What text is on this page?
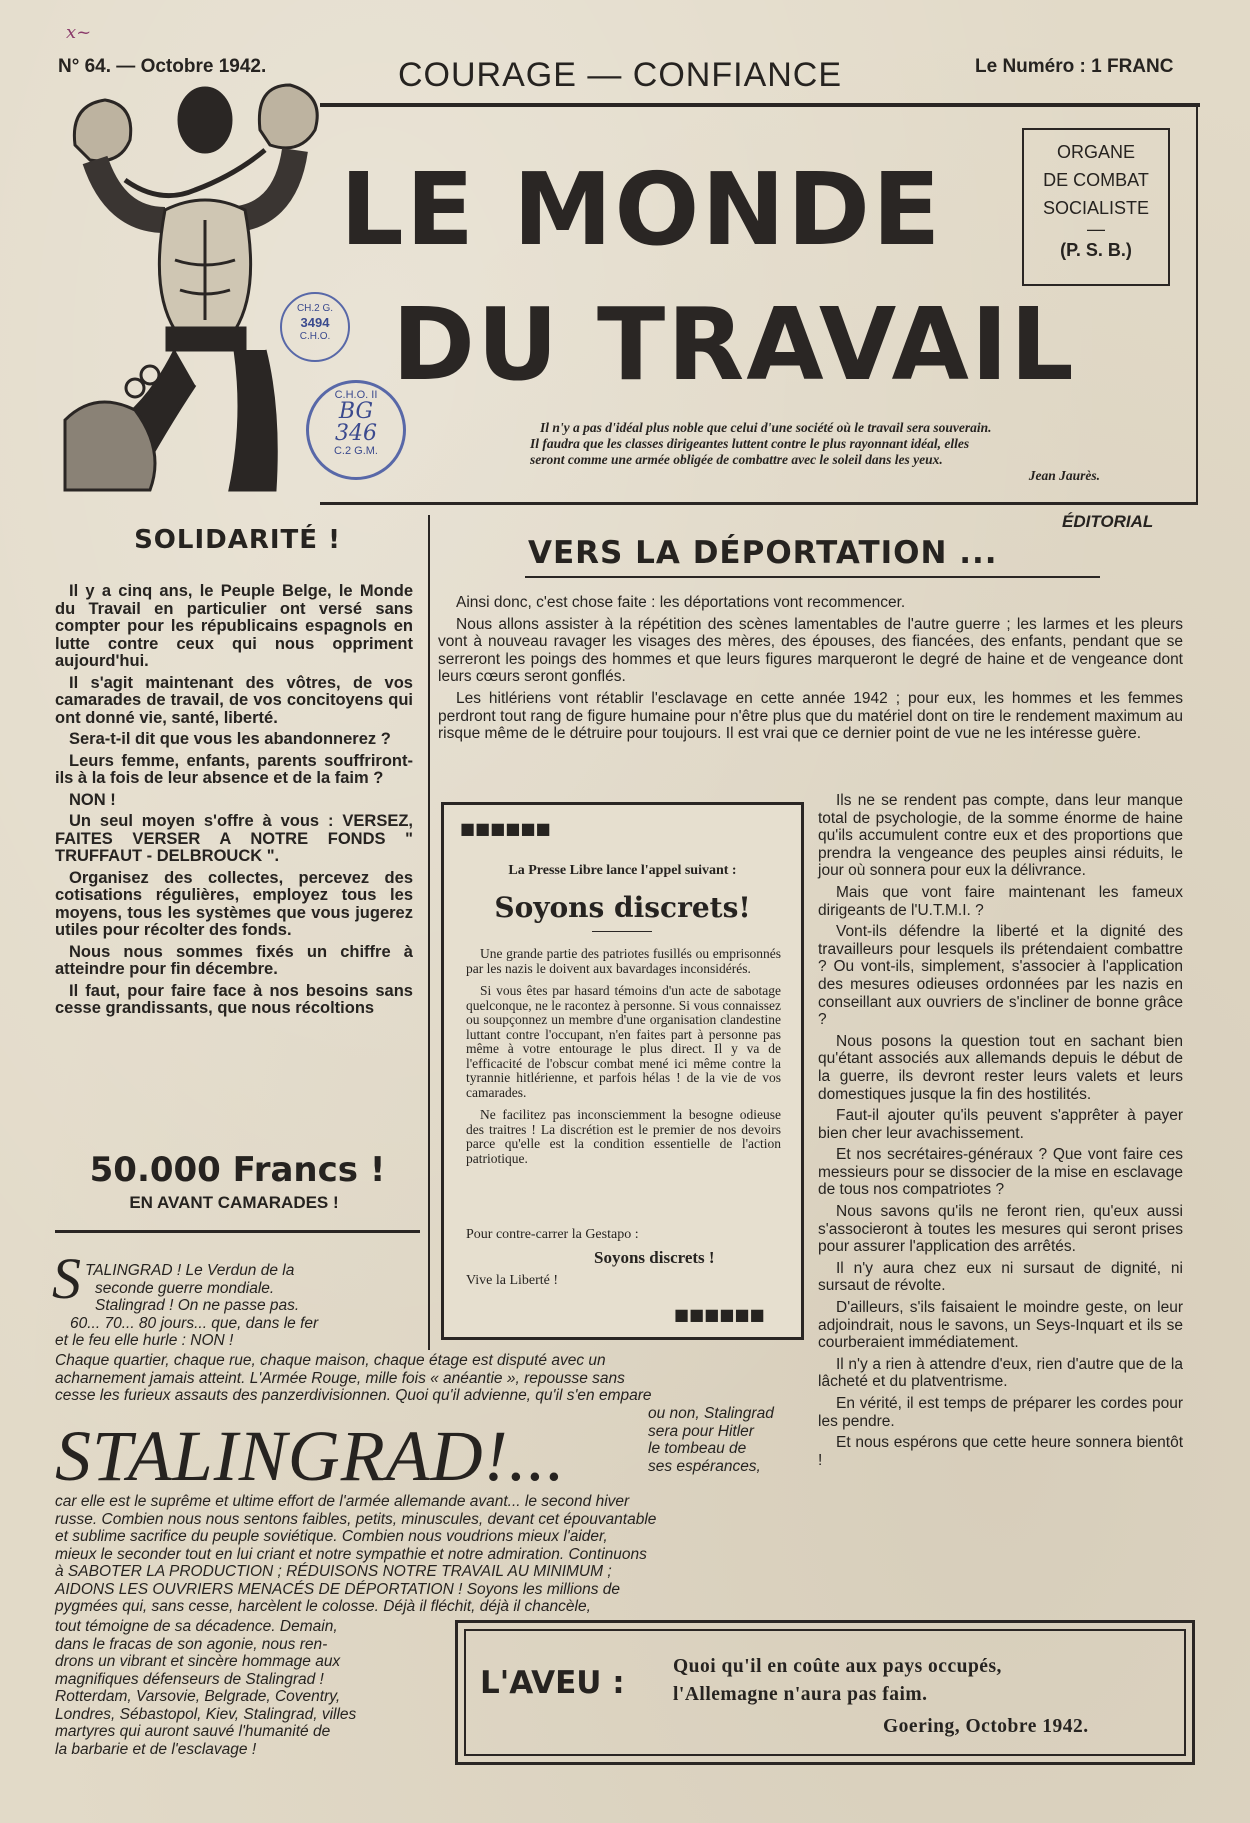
x~
N° 64. — Octobre 1942.	COURAGE — CONFIANCE	Le Numéro : 1 FRANC
LE MONDE
DU TRAVAIL
ORGANE
DE COMBAT
SOCIALISTE
—
(P. S. B.)
CH.2 G.
3494
C.H.O.
C.H.O. II
BG
346
C.2 G.M.
Il n'y a pas d'idéal plus noble que celui d'une société où le travail sera souverain.
Il faudra que les classes dirigeantes luttent contre le plus rayonnant idéal, elles
seront comme une armée obligée de combattre avec le soleil dans les yeux.
Jean Jaurès.
SOLIDARITÉ !

Il y a cinq ans, le Peuple Belge, le Monde du Travail en particulier ont versé sans compter pour les républicains espagnols en lutte contre ceux qui nous oppriment aujourd'hui.

Il s'agit maintenant des vôtres, de vos camarades de travail, de vos concitoyens qui ont donné vie, santé, liberté.

Sera-t-il dit que vous les abandonnerez ?

Leurs femme, enfants, parents souffriront-ils à la fois de leur absence et de la faim ?

NON !

Un seul moyen s'offre à vous : VERSEZ, FAITES VERSER A NOTRE FONDS " TRUFFAUT - DELBROUCK ".

Organisez des collectes, percevez des cotisations régulières, employez tous les moyens, tous les systèmes que vous jugerez utiles pour récolter des fonds.

Nous nous sommes fixés un chiffre à atteindre pour fin décembre.

Il faut, pour faire face à nos besoins sans cesse grandissants, que nous récoltions

50.000 Francs !

EN AVANT CAMARADES !

S TALINGRAD ! Le Verdun de la
seconde guerre mondiale.
Stalingrad ! On ne passe pas.
60... 70... 80 jours... que, dans le fer
et le feu elle hurle : NON !
Chaque quartier, chaque rue, chaque maison, chaque étage est disputé avec un
acharnement jamais atteint. L'Armée Rouge, mille fois « anéantie », repousse sans
cesse les furieux assauts des panzerdivisionnen. Quoi qu'il advienne, qu'il s'en empare
STALINGRAD!...
ou non, Stalingrad
sera pour Hitler
le tombeau de
ses espérances,
car elle est le suprême et ultime effort de l'armée allemande avant... le second hiver
russe. Combien nous nous sentons faibles, petits, minuscules, devant cet épouvantable
et sublime sacrifice du peuple soviétique. Combien nous voudrions mieux l'aider,
mieux le seconder tout en lui criant et notre sympathie et notre admiration. Continuons
à SABOTER LA PRODUCTION ; RÉDUISONS NOTRE TRAVAIL AU MINIMUM ;
AIDONS LES OUVRIERS MENACÉS DE DÉPORTATION ! Soyons les millions de
pygmées qui, sans cesse, harcèlent le colosse. Déjà il fléchit, déjà il chancèle,
tout témoigne de sa décadence. Demain,
dans le fracas de son agonie, nous ren-
drons un vibrant et sincère hommage aux
magnifiques défenseurs de Stalingrad !
Rotterdam, Varsovie, Belgrade, Coventry,
Londres, Sébastopol, Kiev, Stalingrad, villes
martyres qui auront sauvé l'humanité de
la barbarie et de l'esclavage !
ÉDITORIAL
VERS LA DÉPORTATION ...

Ainsi donc, c'est chose faite : les déportations vont recommencer.

Nous allons assister à la répétition des scènes lamentables de l'autre guerre ; les larmes et les pleurs vont à nouveau ravager les visages des mères, des épouses, des fiancées, des enfants, pendant que se serreront les poings des hommes et que leurs figures marqueront le degré de haine et de vengeance dont leurs cœurs seront gonflés.

Les hitlériens vont rétablir l'esclavage en cette année 1942 ; pour eux, les hommes et les femmes perdront tout rang de figure humaine pour n'être plus que du matériel dont on tire le rendement maximum au risque même de le détruire pour toujours. Il est vrai que ce dernier point de vue ne les intéresse guère.

■■■■■■
La Presse Libre lance l'appel suivant :
Soyons discrets!

Une grande partie des patriotes fusillés ou emprisonnés par les nazis le doivent aux bavardages inconsidérés.

Si vous êtes par hasard témoins d'un acte de sabotage quelconque, ne le racontez à personne. Si vous connaissez ou soupçonnez un membre d'une organisation clandestine luttant contre l'occupant, n'en faites part à personne pas même à votre entourage le plus direct. Il y va de l'efficacité de l'obscur combat mené ici même contre la tyrannie hitlérienne, et parfois hélas ! de la vie de vos camarades.

Ne facilitez pas inconsciemment la besogne odieuse des traitres ! La discrétion est le premier de nos devoirs parce qu'elle est la condition essentielle de l'action patriotique.

Pour contre-carrer la Gestapo :
Soyons discrets !
Vive la Liberté !
■■■■■■

Ils ne se rendent pas compte, dans leur manque total de psychologie, de la somme énorme de haine qu'ils accumulent contre eux et des proportions que prendra la vengeance des peuples ainsi réduits, le jour où sonnera pour eux la délivrance.

Mais que vont faire maintenant les fameux dirigeants de l'U.T.M.I. ?

Vont-ils défendre la liberté et la dignité des travailleurs pour lesquels ils prétendaient combattre ? Ou vont-ils, simplement, s'associer à l'application des mesures odieuses ordonnées par les nazis en conseillant aux ouvriers de s'incliner de bonne grâce ?

Nous posons la question tout en sachant bien qu'étant associés aux allemands depuis le début de la guerre, ils devront rester leurs valets et leurs domestiques jusque la fin des hostilités.

Faut-il ajouter qu'ils peuvent s'apprêter à payer bien cher leur avachissement.

Et nos secrétaires-généraux ? Que vont faire ces messieurs pour se dissocier de la mise en esclavage de tous nos compatriotes ?

Nous savons qu'ils ne feront rien, qu'eux aussi s'associeront à toutes les mesures qui seront prises pour assurer l'application des arrêtés.

Il n'y aura chez eux ni sursaut de dignité, ni sursaut de révolte.

D'ailleurs, s'ils faisaient le moindre geste, on leur adjoindrait, nous le savons, un Seys-Inquart et ils se courberaient immédiatement.

Il n'y a rien à attendre d'eux, rien d'autre que de la lâcheté et du platventrisme.

En vérité, il est temps de préparer les cordes pour les pendre.

Et nous espérons que cette heure sonnera bientôt !

L'AVEU : Quoi qu'il en coûte aux pays occupés,
l'Allemagne n'aura pas faim.
Goering, Octobre 1942.
